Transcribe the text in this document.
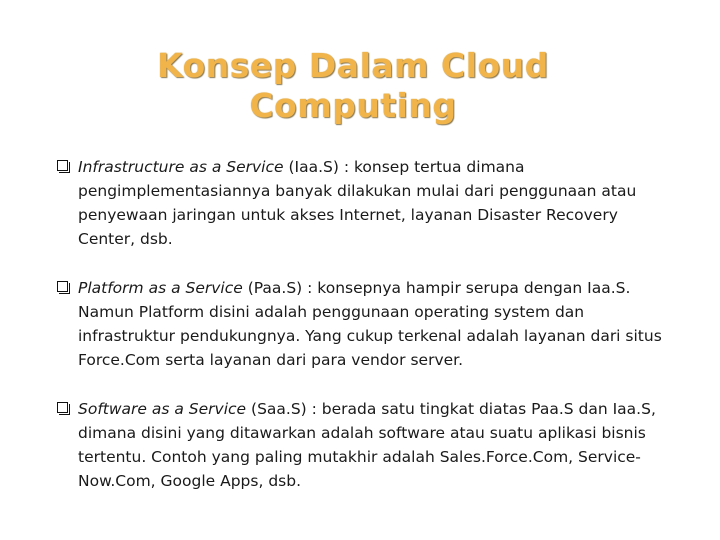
Konsep Dalam Cloud
Computing
Infrastructure as a Service (Iaa.S) : konsep tertua dimana pengimplementasiannya banyak dilakukan mulai dari penggunaan atau penyewaan jaringan untuk akses Internet, layanan Disaster Recovery Center, dsb.
Platform as a Service (Paa.S) : konsepnya hampir serupa dengan Iaa.S. Namun Platform disini adalah penggunaan operating system dan infrastruktur pendukungnya. Yang cukup terkenal adalah layanan dari situs Force.Com serta layanan dari para vendor server.
Software as a Service (Saa.S) : berada satu tingkat diatas Paa.S dan Iaa.S, dimana disini yang ditawarkan adalah software atau suatu aplikasi bisnis tertentu. Contoh yang paling mutakhir adalah Sales.Force.Com, Service-Now.Com, Google Apps, dsb.
